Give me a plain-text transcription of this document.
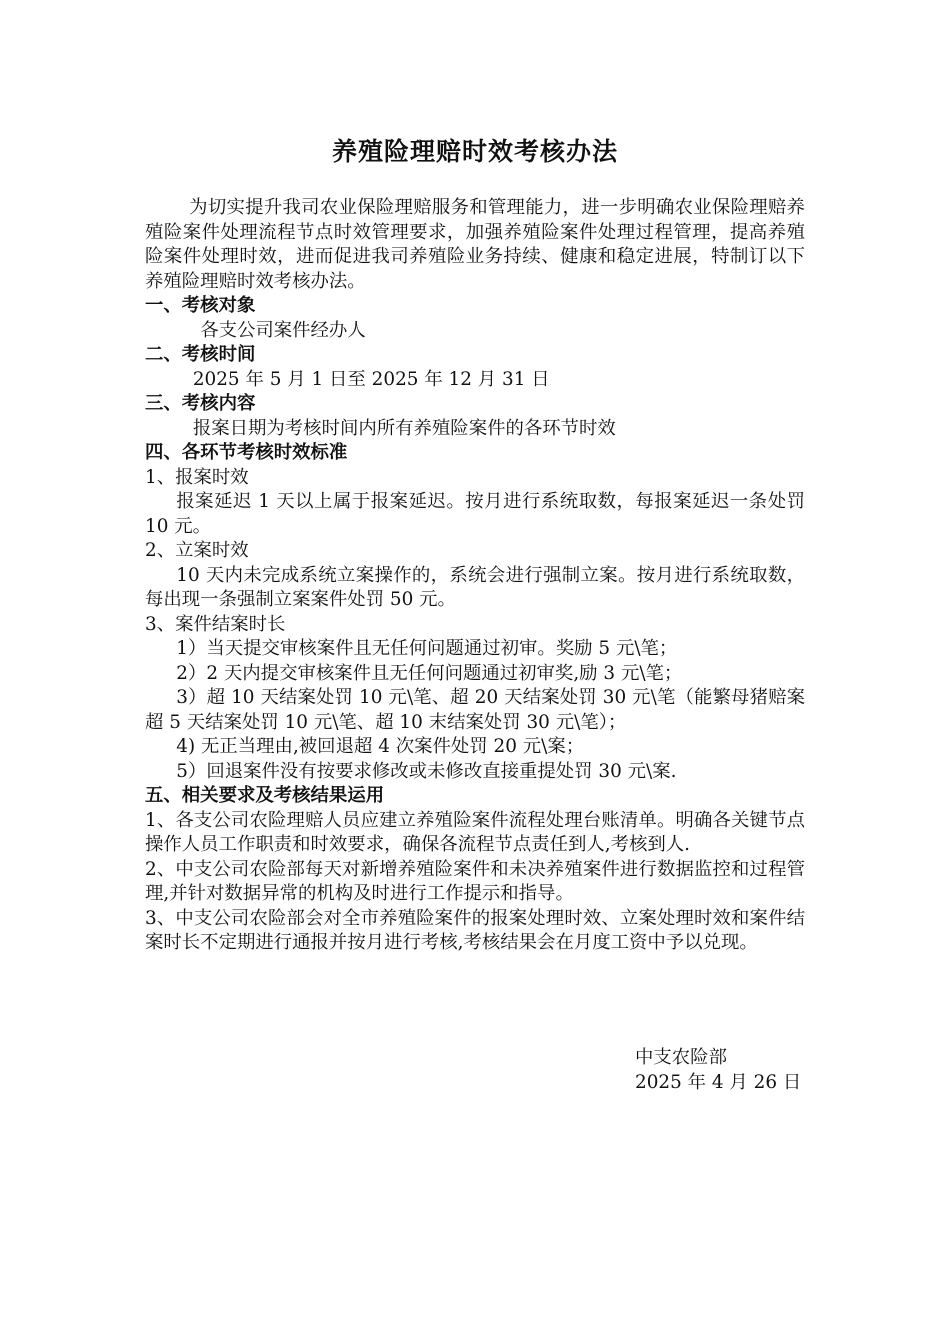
养殖险理赔时效考核办法

为切实提升我司农业保险理赔服务和管理能力，进一步明确农业保险理赔养殖险案件处理流程节点时效管理要求，加强养殖险案件处理过程管理，提高养殖险案件处理时效，进而促进我司养殖险业务持续、健康和稳定进展，特制订以下养殖险理赔时效考核办法。

一、考核对象

各支公司案件经办人

二、考核时间

2025 年 5 月 1 日至 2025 年 12 月 31 日

三、考核内容

报案日期为考核时间内所有养殖险案件的各环节时效

四、各环节考核时效标准

1、报案时效

报案延迟 1 天以上属于报案延迟。按月进行系统取数，每报案延迟一条处罚 10 元。

2、立案时效

10 天内未完成系统立案操作的，系统会进行强制立案。按月进行系统取数，每出现一条强制立案案件处罚 50 元。

3、案件结案时长

1）当天提交审核案件且无任何问题通过初审。奖励 5 元\笔；

2）2 天内提交审核案件且无任何问题通过初审奖,励 3 元\笔；

3）超 10 天结案处罚 10 元\笔、超 20 天结案处罚 30 元\笔（能繁母猪赔案超 5 天结案处罚 10 元\笔、超 10 末结案处罚 30 元\笔）；

4) 无正当理由,被回退超 4 次案件处罚 20 元\案；

5）回退案件没有按要求修改或未修改直接重提处罚 30 元\案.

五、相关要求及考核结果运用

1、各支公司农险理赔人员应建立养殖险案件流程处理台账清单。明确各关键节点操作人员工作职责和时效要求，确保各流程节点责任到人,考核到人.

2、中支公司农险部每天对新增养殖险案件和未决养殖案件进行数据监控和过程管理,并针对数据异常的机构及时进行工作提示和指导。

3、中支公司农险部会对全市养殖险案件的报案处理时效、立案处理时效和案件结案时长不定期进行通报并按月进行考核,考核结果会在月度工资中予以兑现。

中支农险部
2025 年 4 月 26 日
